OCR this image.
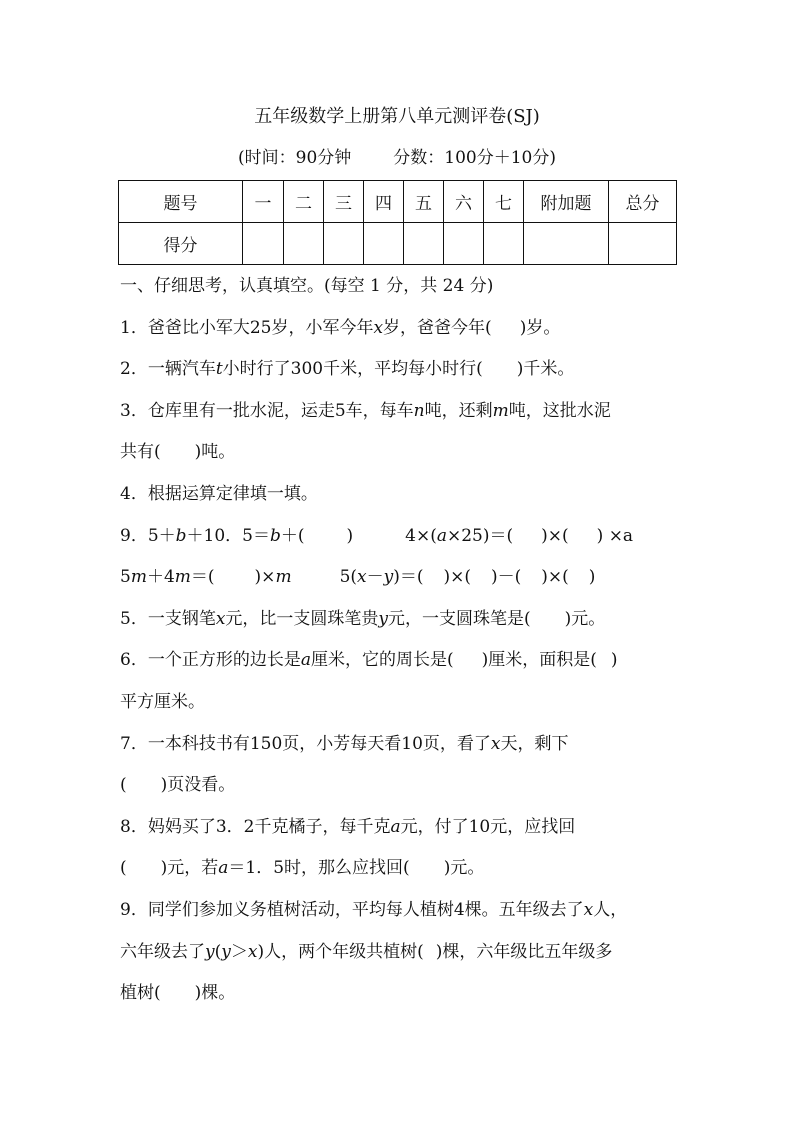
五年级数学上册第八单元测评卷(SJ)
(时间：90分钟 分数：100分＋10分)
题号	一	二	三	四	五	六	七	附加题	总分
得分									
一、仔细思考，认真填空。(每空 1 分，共 24 分)
1．爸爸比小军大25岁，小军今年x岁，爸爸今年( )岁。
2．一辆汽车t小时行了300千米，平均每小时行( )千米。
3．仓库里有一批水泥，运走5车，每车n吨，还剩m吨，这批水泥
共有( )吨。
4．根据运算定律填一填。
9．5＋b＋10．5＝b＋( )	4×(a×25)＝( )×( ) ×a
5m＋4m＝( )×m	5(x－y)＝( )×( )－( )×( )
5．一支钢笔x元，比一支圆珠笔贵y元，一支圆珠笔是( )元。
6．一个正方形的边长是a厘米，它的周长是( )厘米，面积是( )
平方厘米。
7．一本科技书有150页，小芳每天看10页，看了x天，剩下
( )页没看。
8．妈妈买了3．2千克橘子，每千克a元，付了10元，应找回
( )元，若a＝1．5时，那么应找回( )元。
9．同学们参加义务植树活动，平均每人植树4棵。五年级去了x人，
六年级去了y(y＞x)人，两个年级共植树( )棵，六年级比五年级多
植树( )棵。
